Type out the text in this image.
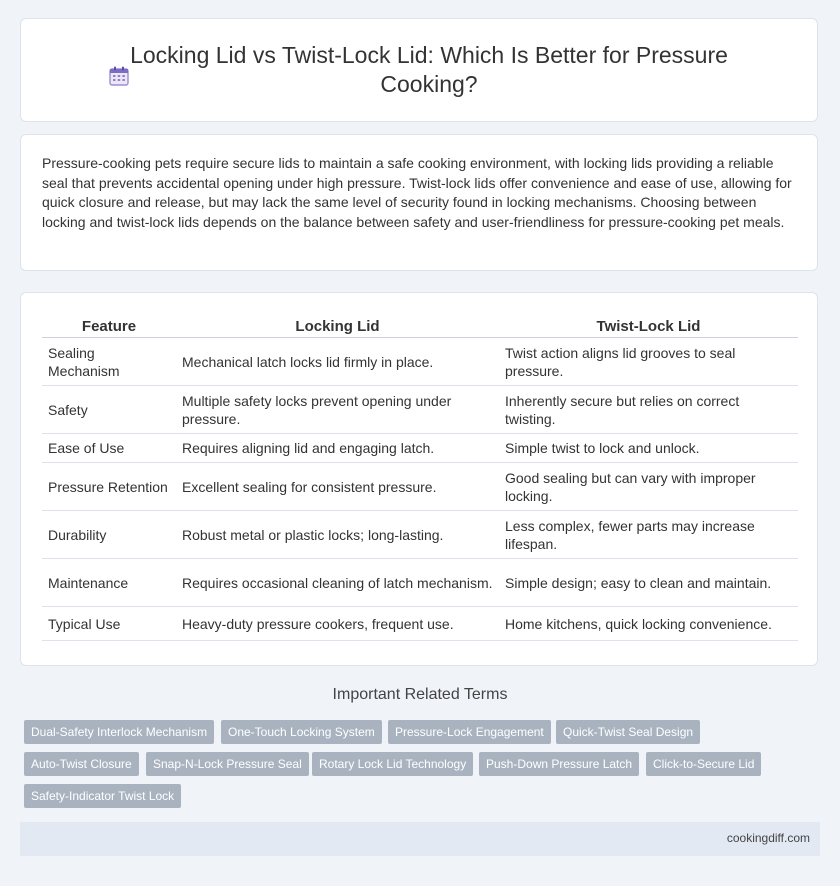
Locking Lid vs Twist-Lock Lid: Which Is Better for Pressure Cooking?

Pressure-cooking pets require secure lids to maintain a safe cooking environment, with locking lids providing a reliable seal that prevents accidental opening under high pressure. Twist-lock lids offer convenience and ease of use, allowing for quick closure and release, but may lack the same level of security found in locking mechanisms. Choosing between locking and twist-lock lids depends on the balance between safety and user-friendliness for pressure-cooking pet meals.

Feature	Locking Lid	Twist-Lock Lid
Sealing Mechanism	Mechanical latch locks lid firmly in place.	Twist action aligns lid grooves to seal pressure.
Safety	Multiple safety locks prevent opening under pressure.	Inherently secure but relies on correct twisting.
Ease of Use	Requires aligning lid and engaging latch.	Simple twist to lock and unlock.
Pressure Retention	Excellent sealing for consistent pressure.	Good sealing but can vary with improper locking.
Durability	Robust metal or plastic locks; long-lasting.	Less complex, fewer parts may increase lifespan.
Maintenance	Requires occasional cleaning of latch mechanism.	Simple design; easy to clean and maintain.
Typical Use	Heavy-duty pressure cookers, frequent use.	Home kitchens, quick locking convenience.
Important Related Terms
Dual-Safety Interlock Mechanism	One-Touch Locking System	Pressure-Lock Engagement	Quick-Twist Seal Design
Auto-Twist Closure	Snap-N-Lock Pressure Seal	Rotary Lock Lid Technology	Push-Down Pressure Latch	Click-to-Secure Lid
Safety-Indicator Twist Lock
cookingdiff.com
